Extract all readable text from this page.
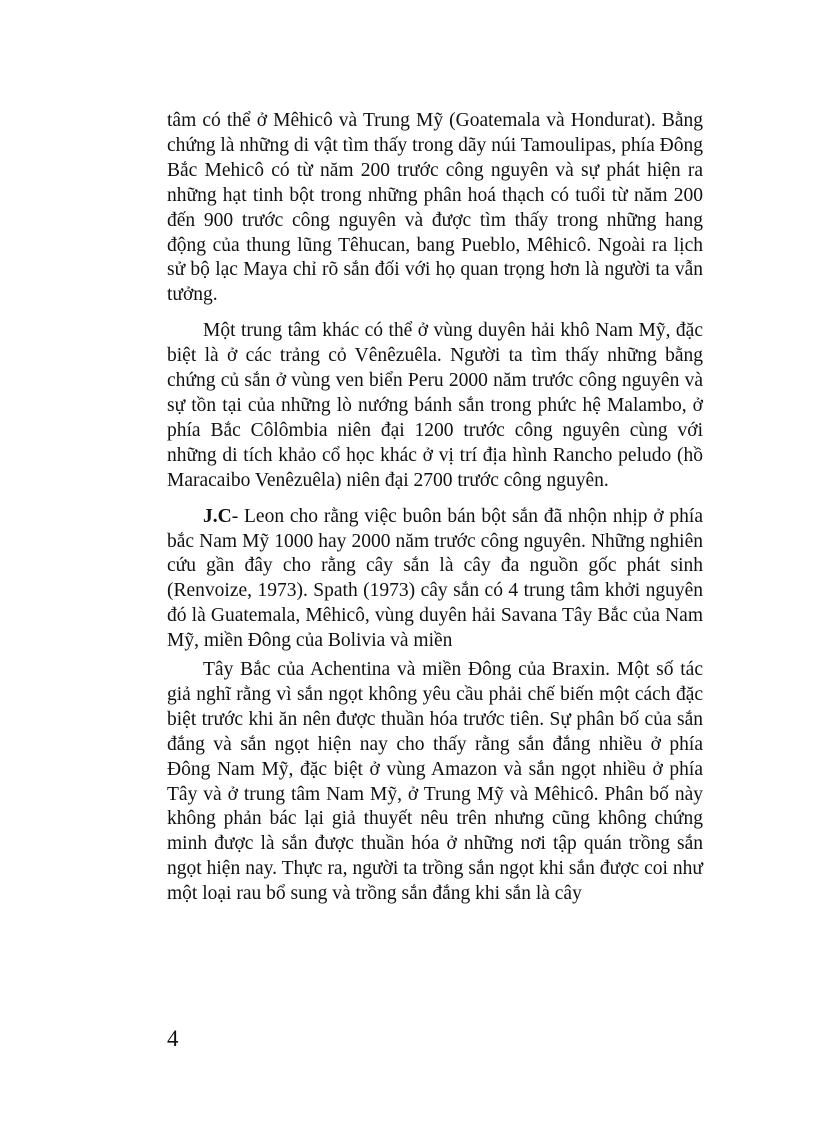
tâm có thể ở Mêhicô và Trung Mỹ (Goatemala và Hondurat). Bằng chứng là những di vật tìm thấy trong dãy núi Tamoulipas, phía Đông Bắc Mehicô có từ năm 200 trước công nguyên và sự phát hiện ra những hạt tinh bột trong những phân hoá thạch có tuổi từ năm 200 đến 900 trước công nguyên và được tìm thấy trong những hang động của thung lũng Têhucan, bang Pueblo, Mêhicô. Ngoài ra lịch sử bộ lạc Maya chỉ rõ sắn đối với họ quan trọng hơn là người ta vẫn tưởng.

Một trung tâm khác có thể ở vùng duyên hải khô Nam Mỹ, đặc biệt là ở các trảng cỏ Vênêzuêla. Người ta tìm thấy những bằng chứng củ sắn ở vùng ven biển Peru 2000 năm trước công nguyên và sự tồn tại của những lò nướng bánh sắn trong phức hệ Malambo, ở phía Bắc Côlômbia niên đại 1200 trước công nguyên cùng với những di tích khảo cổ học khác ở vị trí địa hình Rancho peludo (hồ Maracaibo Venêzuêla) niên đại 2700 trước công nguyên.

J.C- Leon cho rằng việc buôn bán bột sắn đã nhộn nhịp ở phía bắc Nam Mỹ 1000 hay 2000 năm trước công nguyên. Những nghiên cứu gần đây cho rằng cây sắn là cây đa nguồn gốc phát sinh (Renvoize, 1973). Spath (1973) cây sắn có 4 trung tâm khởi nguyên đó là Guatemala, Mêhicô, vùng duyên hải Savana Tây Bắc của Nam Mỹ, miền Đông của Bolivia và miền

Tây Bắc của Achentina và miền Đông của Braxin. Một số tác giả nghĩ rằng vì sắn ngọt không yêu cầu phải chế biến một cách đặc biệt trước khi ăn nên được thuần hóa trước tiên. Sự phân bố của sắn đắng và sắn ngọt hiện nay cho thấy rằng sắn đắng nhiều ở phía Đông Nam Mỹ, đặc biệt ở vùng Amazon và sắn ngọt nhiều ở phía Tây và ở trung tâm Nam Mỹ, ở Trung Mỹ và Mêhicô. Phân bố này không phản bác lại giả thuyết nêu trên nhưng cũng không chứng minh được là sắn được thuần hóa ở những nơi tập quán trồng sắn ngọt hiện nay. Thực ra, người ta trồng sắn ngọt khi sắn được coi như một loại rau bổ sung và trồng sắn đắng khi sắn là cây

4
